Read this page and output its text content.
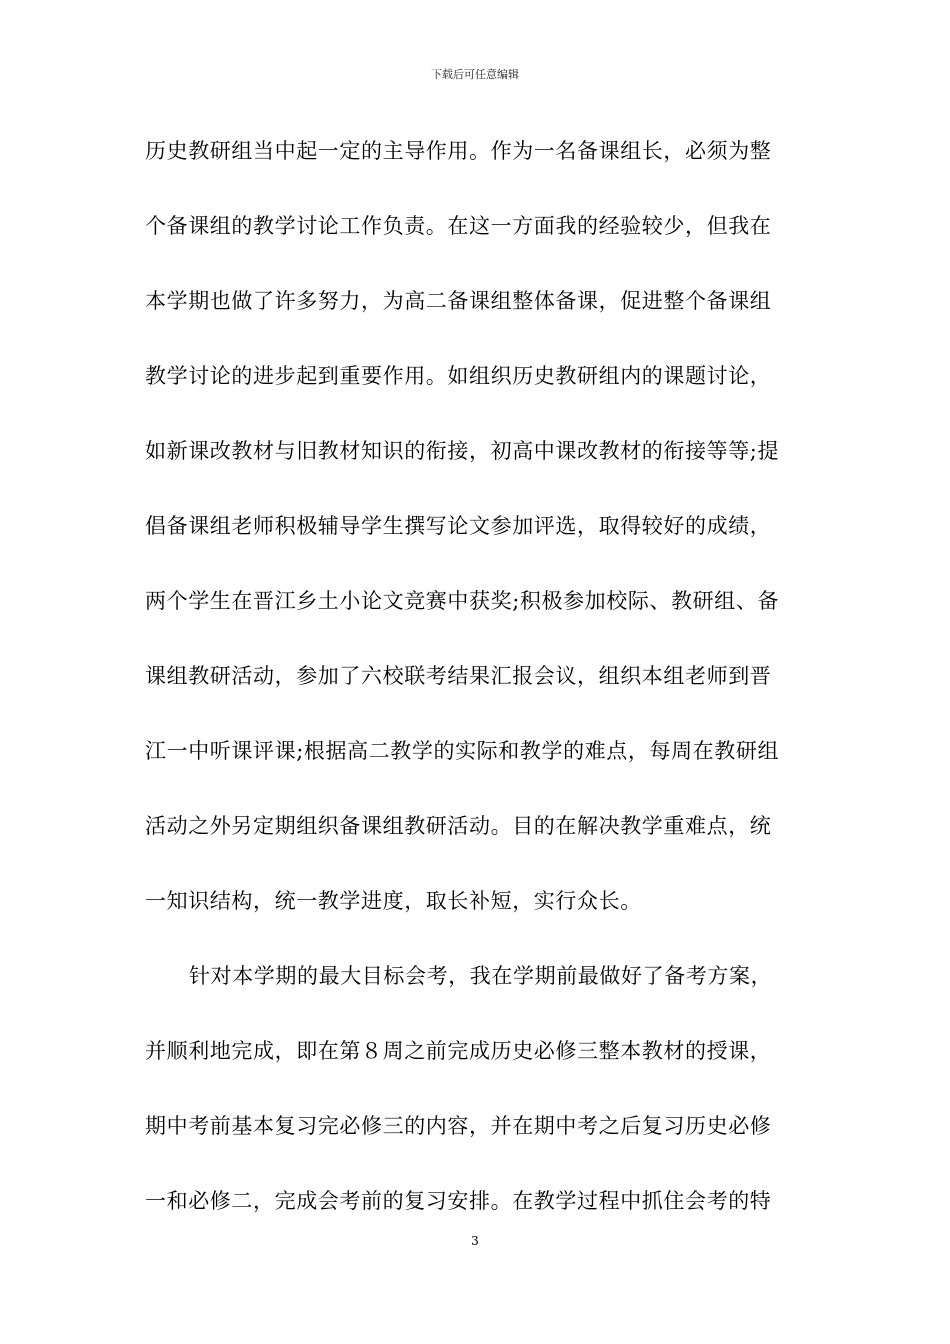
下载后可任意编辑
历史教研组当中起一定的主导作用。作为一名备课组长，必须为整
个备课组的教学讨论工作负责。在这一方面我的经验较少，但我在
本学期也做了许多努力，为高二备课组整体备课，促进整个备课组
教学讨论的进步起到重要作用。如组织历史教研组内的课题讨论，
如新课改教材与旧教材知识的衔接，初高中课改教材的衔接等等;提
倡备课组老师积极辅导学生撰写论文参加评选，取得较好的成绩，
两个学生在晋江乡土小论文竞赛中获奖;积极参加校际、教研组、备
课组教研活动，参加了六校联考结果汇报会议，组织本组老师到晋
江一中听课评课;根据高二教学的实际和教学的难点，每周在教研组
活动之外另定期组织备课组教研活动。目的在解决教学重难点，统
一知识结构，统一教学进度，取长补短，实行众长。
针对本学期的最大目标会考，我在学期前最做好了备考方案，
并顺利地完成，即在第８周之前完成历史必修三整本教材的授课，
期中考前基本复习完必修三的内容，并在期中考之后复习历史必修
一和必修二，完成会考前的复习安排。在教学过程中抓住会考的特
3
